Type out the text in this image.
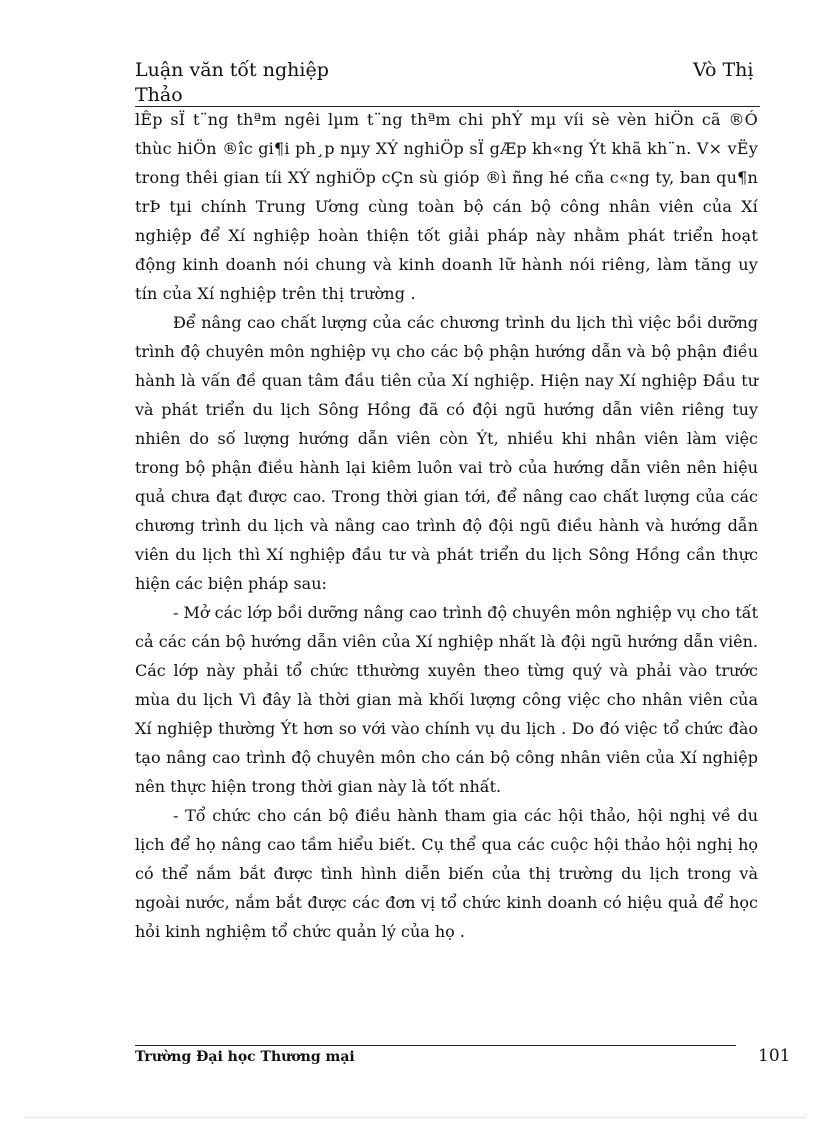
Luận văn tốt nghiệp
Thảo
Vò Thị

lÊp sÏ t¨ng thªm ngêi lµm t¨ng thªm chi phÝ mµ víi sè vèn hiÖn cã ®Ó thùc hiÖn ®îc gi¶i ph¸p nµy XÝ nghiÖp sÏ gÆp kh«ng Ýt khã kh¨n. V× vËy trong thêi gian tíi XÝ nghiÖp cÇn sù gióp ®ì ñng hé cña c«ng ty, ban qu¶n trÞ tµi chính Trung Ương cùng toàn bộ cán bộ công nhân viên của Xí nghiệp để Xí nghiệp hoàn thiện tốt giải pháp này nhằm phát triển hoạt động kinh doanh nói chung và kinh doanh lữ hành nói riêng, làm tăng uy tín của Xí nghiệp trên thị trường .

Để nâng cao chất lượng của các chương trình du lịch thì việc bồi dưỡng trình độ chuyên môn nghiệp vụ cho các bộ phận hướng dẫn và bộ phận điều hành là vấn đề quan tâm đầu tiên của Xí nghiệp. Hiện nay Xí nghiệp Đầu tư và phát triển du lịch Sông Hồng đã có đội ngũ hướng dẫn viên riêng tuy nhiên do số lượng hướng dẫn viên còn Ýt, nhiều khi nhân viên làm việc trong bộ phận điều hành lại kiêm luôn vai trò của hướng dẫn viên nên hiệu quả chưa đạt được cao. Trong thời gian tới, để nâng cao chất lượng của các chương trình du lịch và nâng cao trình độ đội ngũ điều hành và hướng dẫn viên du lịch thì Xí nghiệp đầu tư và phát triển du lịch Sông Hồng cần thực hiện các biện pháp sau:

- Mở các lớp bồi dưỡng nâng cao trình độ chuyên môn nghiệp vụ cho tất cả các cán bộ hướng dẫn viên của Xí nghiệp nhất là đội ngũ hướng dẫn viên. Các lớp này phải tổ chức tthường xuyên theo từng quý và phải vào trước mùa du lịch Vì đây là thời gian mà khối lượng công việc cho nhân viên của Xí nghiệp thường Ýt hơn so với vào chính vụ du lịch . Do đó việc tổ chức đào tạo nâng cao trình độ chuyên môn cho cán bộ công nhân viên của Xí nghiệp nên thực hiện trong thời gian này là tốt nhất.

- Tổ chức cho cán bộ điều hành tham gia các hội thảo, hội nghị về du lịch để họ nâng cao tầm hiểu biết. Cụ thể qua các cuộc hội thảo hội nghị họ có thể nắm bắt được tình hình diễn biến của thị trường du lịch trong và ngoài nước, nắm bắt được các đơn vị tổ chức kinh doanh có hiệu quả để học hỏi kinh nghiệm tổ chức quản lý của họ .

Trường Đại học Thương mại	101
